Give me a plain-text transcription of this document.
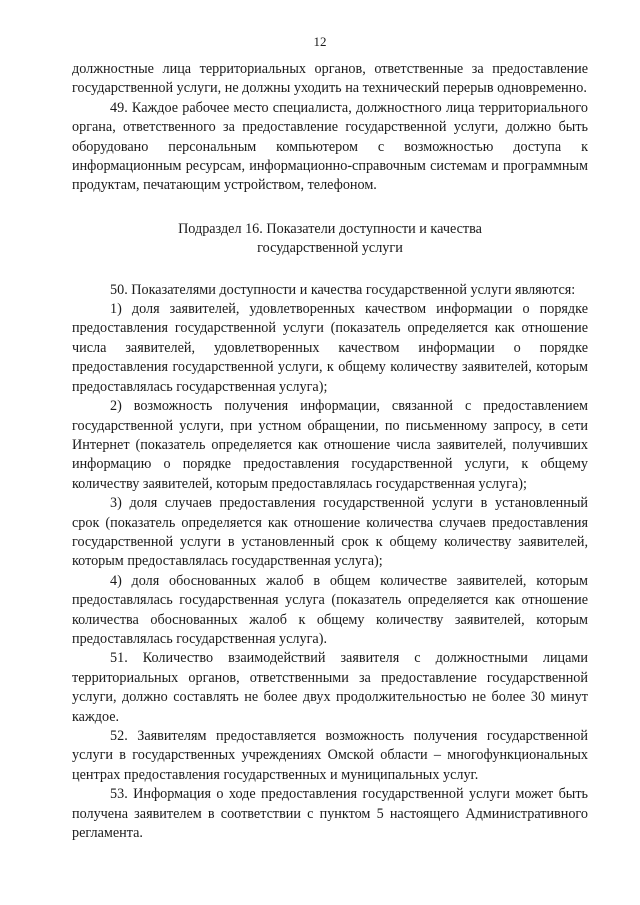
12

должностные лица территориальных органов, ответственные за предоставление государственной услуги, не должны уходить на технический перерыв одновременно.

49. Каждое рабочее место специалиста, должностного лица территориального органа, ответственного за предоставление государственной услуги, должно быть оборудовано персональным компьютером с возможностью доступа к информационным ресурсам, информационно-справочным системам и программным продуктам, печатающим устройством, телефоном.

Подраздел 16. Показатели доступности и качества
государственной услуги

50. Показателями доступности и качества государственной услуги являются:

1) доля заявителей, удовлетворенных качеством информации о порядке предоставления государственной услуги (показатель определяется как отношение числа заявителей, удовлетворенных качеством информации о порядке предоставления государственной услуги, к общему количеству заявителей, которым предоставлялась государственная услуга);

2) возможность получения информации, связанной с предоставлением государственной услуги, при устном обращении, по письменному запросу, в сети Интернет (показатель определяется как отношение числа заявителей, получивших информацию о порядке предоставления государственной услуги, к общему количеству заявителей, которым предоставлялась государственная услуга);

3) доля случаев предоставления государственной услуги в установленный срок (показатель определяется как отношение количества случаев предоставления государственной услуги в установленный срок к общему количеству заявителей, которым предоставлялась государственная услуга);

4) доля обоснованных жалоб в общем количестве заявителей, которым предоставлялась государственная услуга (показатель определяется как отношение количества обоснованных жалоб к общему количеству заявителей, которым предоставлялась государственная услуга).

51. Количество взаимодействий заявителя с должностными лицами территориальных органов, ответственными за предоставление государственной услуги, должно составлять не более двух продолжительностью не более 30 минут каждое.

52. Заявителям предоставляется возможность получения государственной услуги в государственных учреждениях Омской области – многофункциональных центрах предоставления государственных и муниципальных услуг.

53. Информация о ходе предоставления государственной услуги может быть получена заявителем в соответствии с пунктом 5 настоящего Административного регламента.
